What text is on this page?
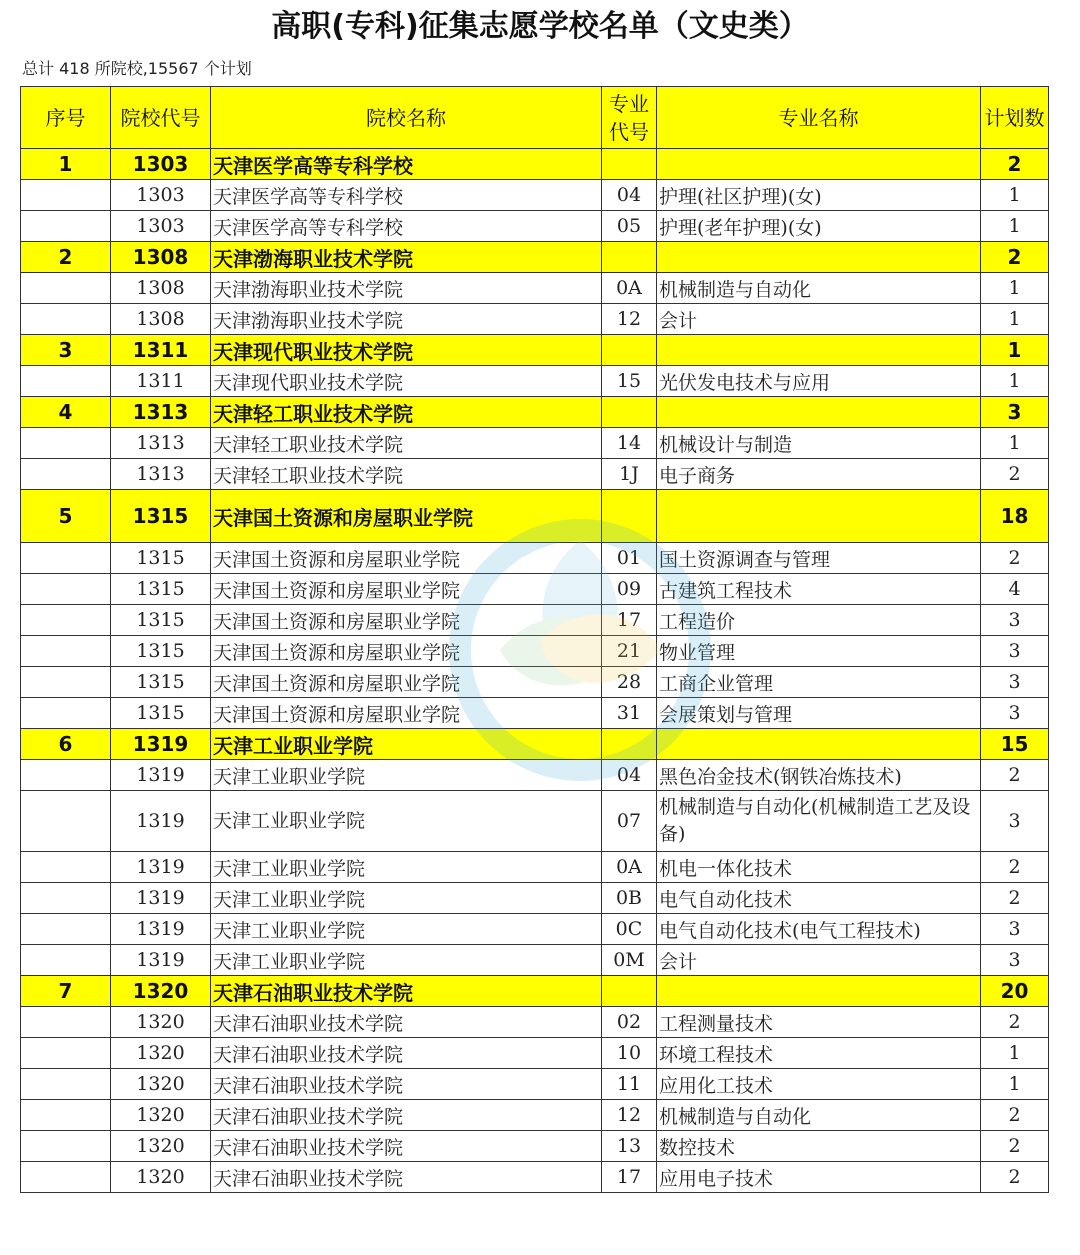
高职(专科)征集志愿学校名单（文史类）
总计 418 所院校,15567 个计划
序号	院校代号	院校名称	专业代号	专业名称	计划数
1	1303	天津医学高等专科学校			2
	1303	天津医学高等专科学校	04	护理(社区护理)(女)	1
	1303	天津医学高等专科学校	05	护理(老年护理)(女)	1
2	1308	天津渤海职业技术学院			2
	1308	天津渤海职业技术学院	0A	机械制造与自动化	1
	1308	天津渤海职业技术学院	12	会计	1
3	1311	天津现代职业技术学院			1
	1311	天津现代职业技术学院	15	光伏发电技术与应用	1
4	1313	天津轻工职业技术学院			3
	1313	天津轻工职业技术学院	14	机械设计与制造	1
	1313	天津轻工职业技术学院	1J	电子商务	2
5	1315	天津国土资源和房屋职业学院			18
	1315	天津国土资源和房屋职业学院	01	国土资源调查与管理	2
	1315	天津国土资源和房屋职业学院	09	古建筑工程技术	4
	1315	天津国土资源和房屋职业学院	17	工程造价	3
	1315	天津国土资源和房屋职业学院	21	物业管理	3
	1315	天津国土资源和房屋职业学院	28	工商企业管理	3
	1315	天津国土资源和房屋职业学院	31	会展策划与管理	3
6	1319	天津工业职业学院			15
	1319	天津工业职业学院	04	黑色冶金技术(钢铁冶炼技术)	2
	1319	天津工业职业学院	07	机械制造与自动化(机械制造工艺及设备)	3
	1319	天津工业职业学院	0A	机电一体化技术	2
	1319	天津工业职业学院	0B	电气自动化技术	2
	1319	天津工业职业学院	0C	电气自动化技术(电气工程技术)	3
	1319	天津工业职业学院	0M	会计	3
7	1320	天津石油职业技术学院			20
	1320	天津石油职业技术学院	02	工程测量技术	2
	1320	天津石油职业技术学院	10	环境工程技术	1
	1320	天津石油职业技术学院	11	应用化工技术	1
	1320	天津石油职业技术学院	12	机械制造与自动化	2
	1320	天津石油职业技术学院	13	数控技术	2
	1320	天津石油职业技术学院	17	应用电子技术	2
